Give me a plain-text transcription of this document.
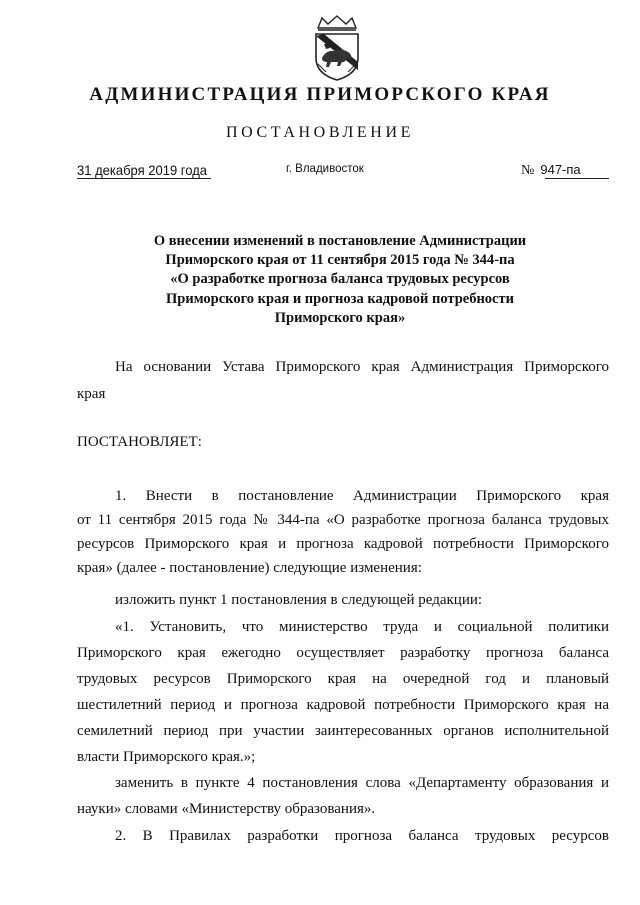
АДМИНИСТРАЦИЯ ПРИМОРСКОГО КРАЯ
ПОСТАНОВЛЕНИЕ
31 декабря 2019 года	г. Владивосток	№ 947-па
О внесении изменений в постановление Администрации
Приморского края от 11 сентября 2015 года № 344-па
«О разработке прогноза баланса трудовых ресурсов
Приморского края и прогноза кадровой потребности
Приморского края»
На основании Устава Приморского края Администрация Приморского
края
ПОСТАНОВЛЯЕТ:
1. Внести в постановление Администрации Приморского края
от 11 сентября 2015 года № 344-па «О разработке прогноза баланса трудовых
ресурсов Приморского края и прогноза кадровой потребности Приморского
края» (далее - постановление) следующие изменения:
изложить пункт 1 постановления в следующей редакции:
«1. Установить, что министерство труда и социальной политики
Приморского края ежегодно осуществляет разработку прогноза баланса
трудовых ресурсов Приморского края на очередной год и плановый
шестилетний период и прогноза кадровой потребности Приморского края на
семилетний период при участии заинтересованных органов исполнительной
власти Приморского края.»;
заменить в пункте 4 постановления слова «Департаменту образования и
науки» словами «Министерству образования».
2. В Правилах разработки прогноза баланса трудовых ресурсов
